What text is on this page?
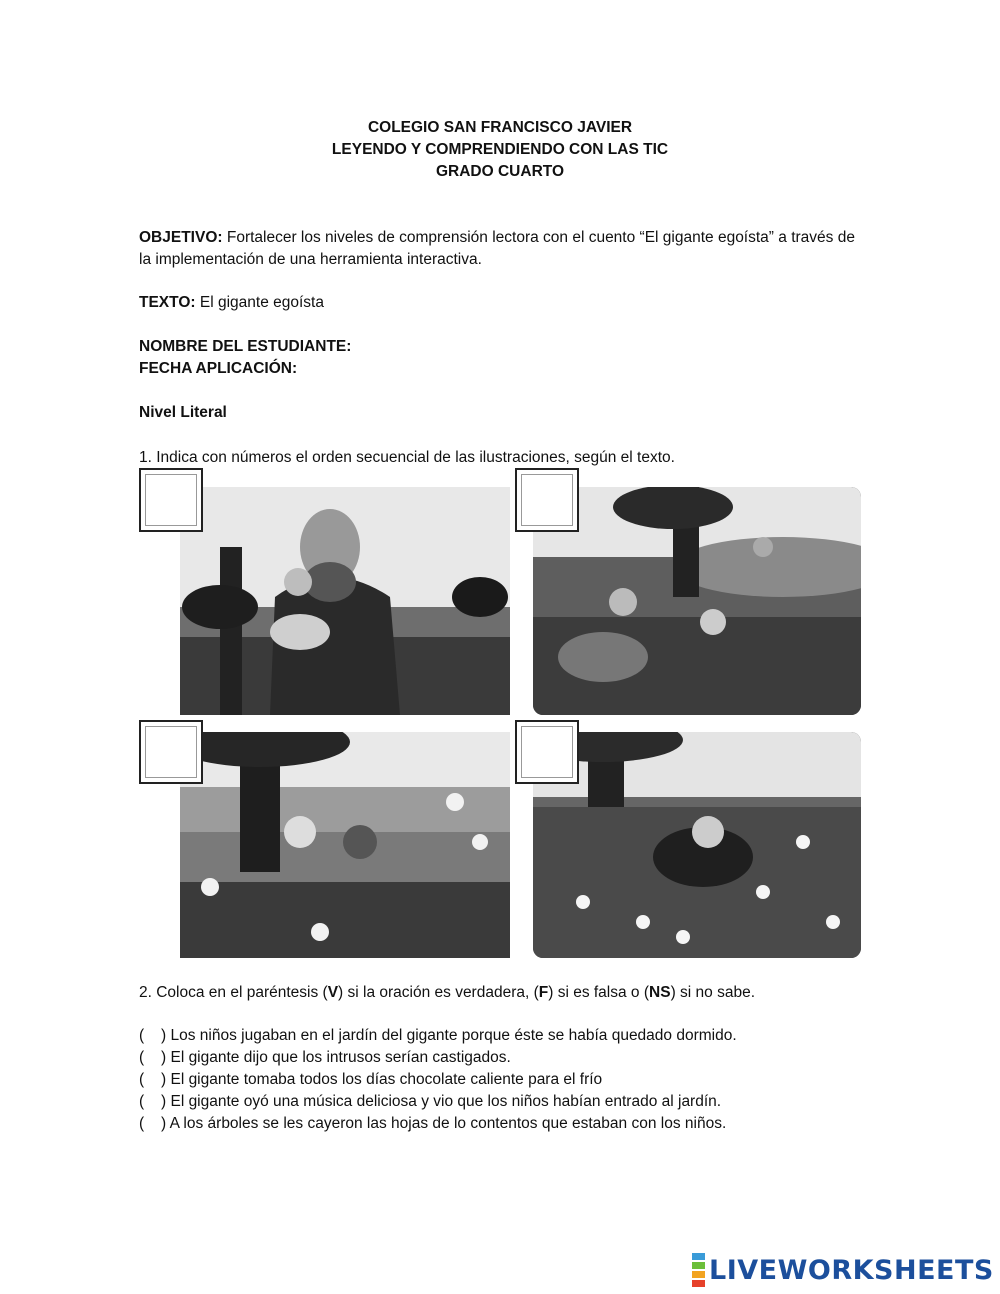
COLEGIO SAN FRANCISCO JAVIER
LEYENDO Y COMPRENDIENDO CON LAS TIC
GRADO CUARTO
OBJETIVO: Fortalecer los niveles de comprensión lectora con el cuento “El gigante egoísta” a través de la implementación de una herramienta interactiva.
TEXTO: El gigante egoísta
NOMBRE DEL ESTUDIANTE:
FECHA APLICACIÓN:
Nivel Literal
1. Indica con números el orden secuencial de las ilustraciones, según el texto.
2. Coloca en el paréntesis (V) si la oración es verdadera, (F) si es falsa o (NS) si no sabe.
( ) Los niños jugaban en el jardín del gigante porque éste se había quedado dormido.
( ) El gigante dijo que los intrusos serían castigados.
( ) El gigante tomaba todos los días chocolate caliente para el frío
( ) El gigante oyó una música deliciosa y vio que los niños habían entrado al jardín.
( ) A los árboles se les cayeron las hojas de lo contentos que estaban con los niños.
LIVEWORKSHEETS
